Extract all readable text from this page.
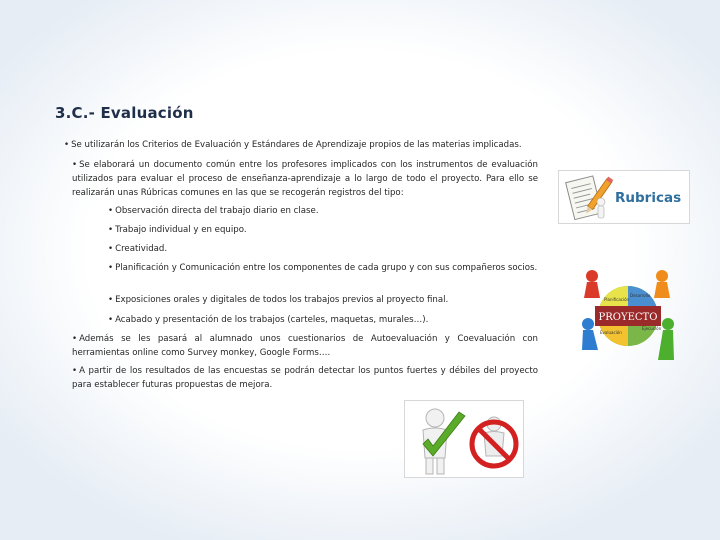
3.C.- Evaluación

• Se utilizarán los Criterios de Evaluación y Estándares de Aprendizaje propios de las materias implicadas.

• Se elaborará un documento común entre los profesores implicados con los instrumentos de evaluación utilizados para evaluar el proceso de enseñanza-aprendizaje a lo largo de todo el proyecto. Para ello se realizarán unas Rúbricas comunes en las que se recogerán registros del tipo:

• Observación directa del trabajo diario en clase.

• Trabajo individual y en equipo.

• Creatividad.

• Planificación y Comunicación entre los componentes de cada grupo y con sus compañeros socios.

• Exposiciones orales y digitales de todos los trabajos previos al proyecto final.

• Acabado y presentación de los trabajos (carteles, maquetas, murales…).

• Además se les pasará al alumnado unos cuestionarios de Autoevaluación y Coevaluación con herramientas online como Survey monkey, Google Forms….

• A partir de los resultados de las encuestas se podrán detectar los puntos fuertes y débiles del proyecto para establecer futuras propuestas de mejora.

Rubricas
PROYECTO
Planificación
Ejecución
Evaluación
Desarrollo
